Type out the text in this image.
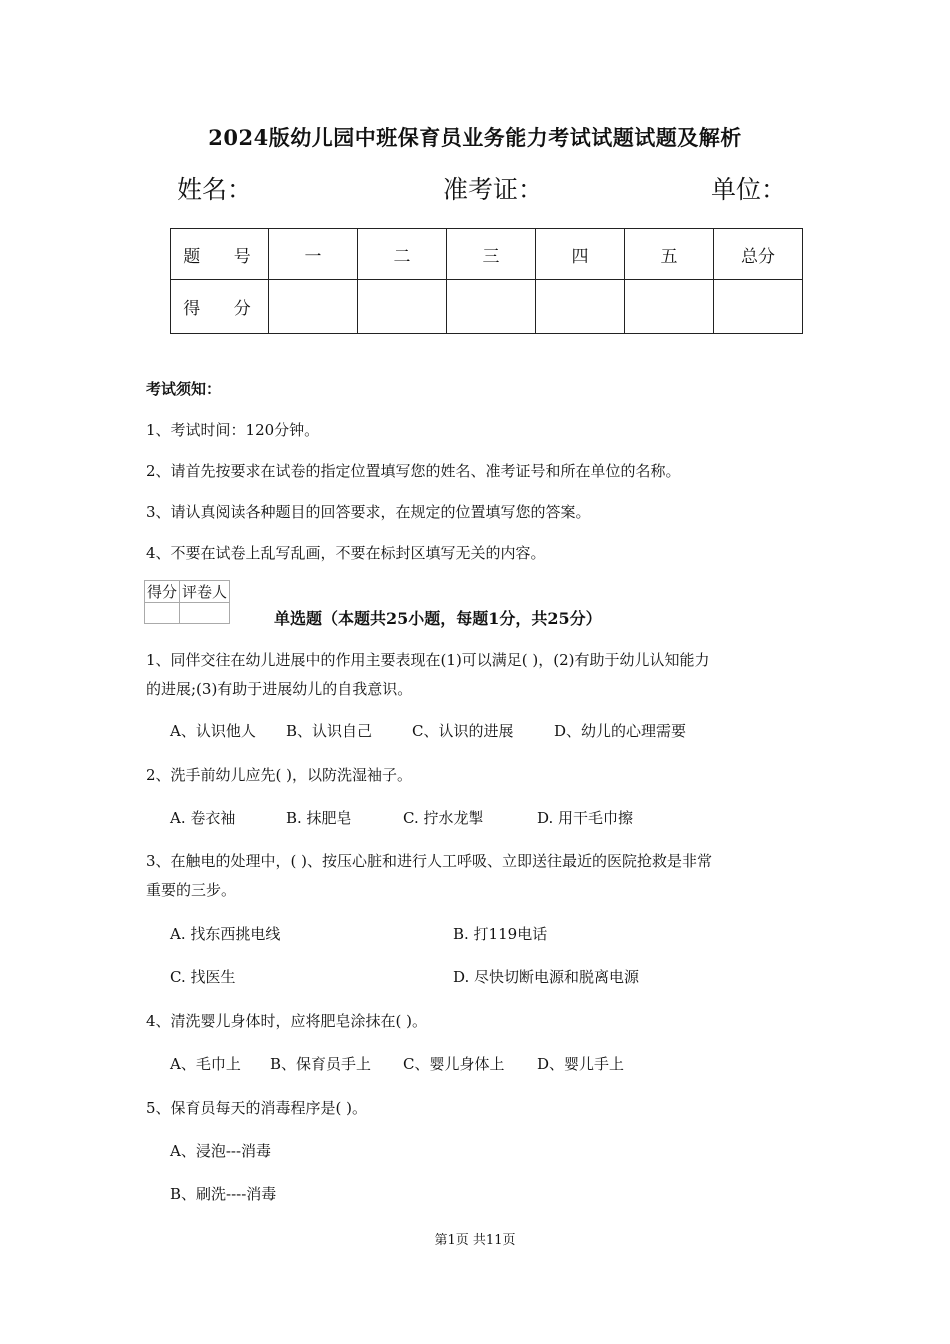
2024版幼儿园中班保育员业务能力考试试题试题及解析
姓名：	准考证：	单位：
题 号	一	二	三	四	五	总分
得 分						
考试须知：
1、考试时间：120分钟。
2、请首先按要求在试卷的指定位置填写您的姓名、准考证号和所在单位的名称。
3、请认真阅读各种题目的回答要求，在规定的位置填写您的答案。
4、不要在试卷上乱写乱画，不要在标封区填写无关的内容。
得分	评卷人

单选题（本题共25小题，每题1分，共25分）
1、同伴交往在幼儿进展中的作用主要表现在(1)可以满足( )，(2)有助于幼儿认知能力
的进展;(3)有助于进展幼儿的自我意识。
A、认识他人 B、认识自己	C、认识的进展	D、幼儿的心理需要
2、洗手前幼儿应先( )，以防洗湿袖子。
A. 卷衣袖	B. 抹肥皂	C. 拧水龙掣	D. 用干毛巾擦
3、在触电的处理中，( )、按压心脏和进行人工呼吸、立即送往最近的医院抢救是非常
重要的三步。
A. 找东西挑电线	B. 打119电话
C. 找医生	D. 尽快切断电源和脱离电源
4、清洗婴儿身体时，应将肥皂涂抹在( )。
A、毛巾上 B、保育员手上 C、婴儿身体上 D、婴儿手上
5、保育员每天的消毒程序是( )。
A、浸泡---消毒
B、刷洗----消毒
第1页 共11页
